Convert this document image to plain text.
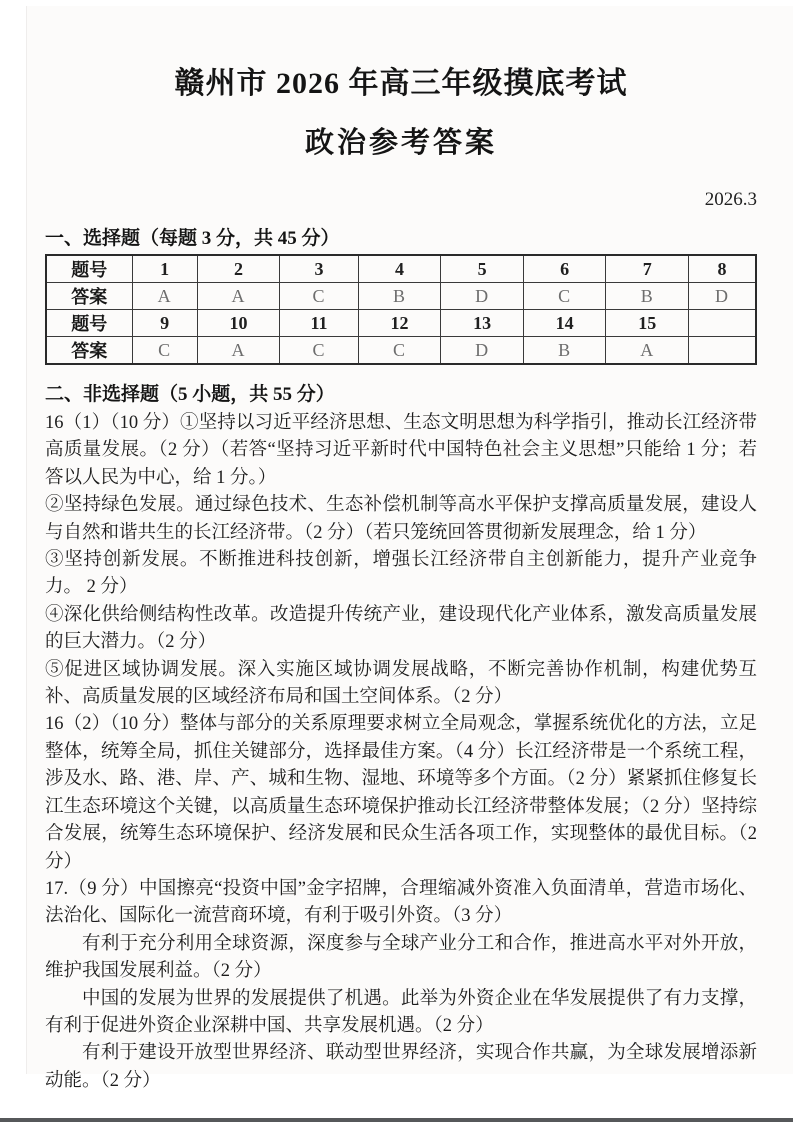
赣州市 2026 年高三年级摸底考试
政治参考答案
2026.3
一、选择题（每题 3 分，共 45 分）
题号	1	2	3	4	5	6	7	8
答案	A	A	C	B	D	C	B	D
题号	9	10	11	12	13	14	15	
答案	C	A	C	C	D	B	A	
二、非选择题（5 小题，共 55 分）

16（1）（10 分）①坚持以习近平经济思想、生态文明思想为科学指引，推动长江经济带高质量发展。（2 分）（若答“坚持习近平新时代中国特色社会主义思想”只能给 1 分；若答以人民为中心，给 1 分。）

②坚持绿色发展。通过绿色技术、生态补偿机制等高水平保护支撑高质量发展，建设人与自然和谐共生的长江经济带。（2 分）（若只笼统回答贯彻新发展理念，给 1 分）

③坚持创新发展。不断推进科技创新，增强长江经济带自主创新能力，提升产业竞争力。 2 分）

④深化供给侧结构性改革。改造提升传统产业，建设现代化产业体系，激发高质量发展的巨大潜力。（2 分）

⑤促进区域协调发展。深入实施区域协调发展战略，不断完善协作机制，构建优势互补、高质量发展的区域经济布局和国土空间体系。（2 分）

16（2）（10 分）整体与部分的关系原理要求树立全局观念，掌握系统优化的方法，立足整体，统筹全局，抓住关键部分，选择最佳方案。（4 分）长江经济带是一个系统工程，涉及水、路、港、岸、产、城和生物、湿地、环境等多个方面。（2 分）紧紧抓住修复长江生态环境这个关键，以高质量生态环境保护推动长江经济带整体发展；（2 分）坚持综合发展，统筹生态环境保护、经济发展和民众生活各项工作，实现整体的最优目标。（2 分）

17.（9 分）中国擦亮“投资中国”金字招牌，合理缩减外资准入负面清单，营造市场化、法治化、国际化一流营商环境，有利于吸引外资。（3 分）

有利于充分利用全球资源，深度参与全球产业分工和合作，推进高水平对外开放，维护我国发展利益。（2 分）

中国的发展为世界的发展提供了机遇。此举为外资企业在华发展提供了有力支撑，有利于促进外资企业深耕中国、共享发展机遇。（2 分）

有利于建设开放型世界经济、联动型世界经济，实现合作共赢，为全球发展增添新动能。（2 分）
